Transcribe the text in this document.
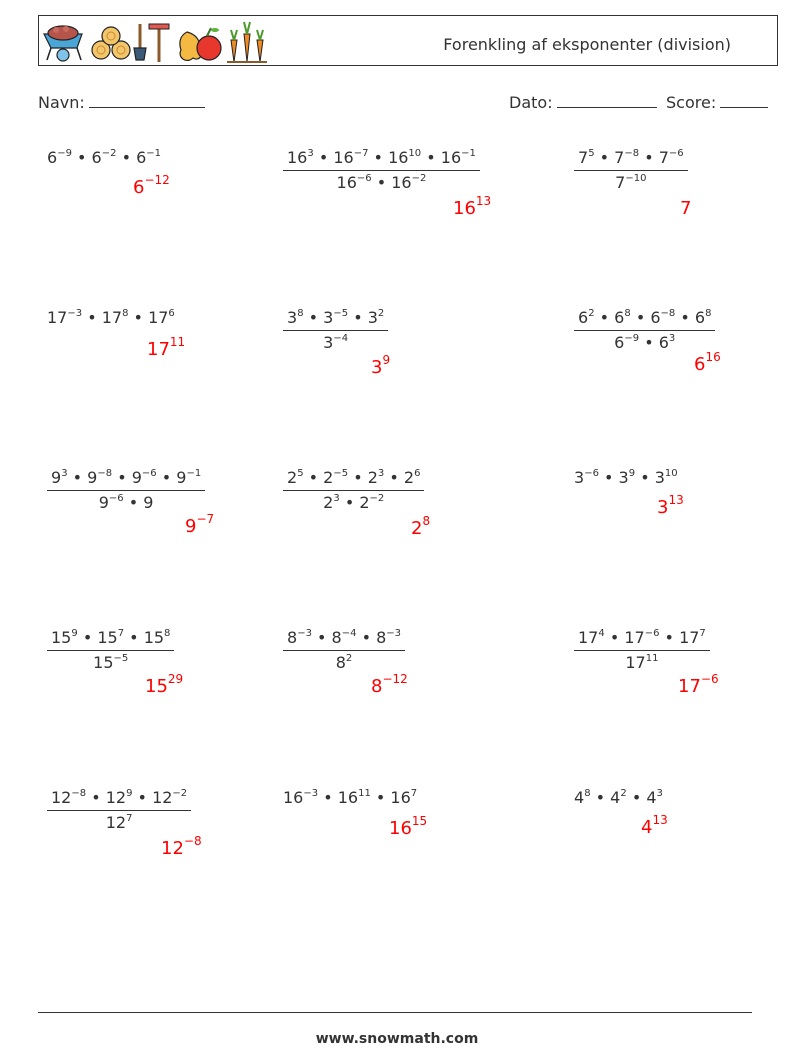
Forenkling af eksponenter (division)
Navn:	Dato:	Score:
$6^{-9}$ • $6^{-2}$ • $6^{-1}$
$6^{-12}$	$\frac{16^3 • 16^{-7} • 16^{10} • 16^{-1}}{16^{-6} • 16^{-2}}$
$16^{13}$
$\frac{7^5 • 7^{-8} • 7^{-6}}{7^{-10}}$
7
$17^{-3}$ • $17^8$ • $17^6$
$17^{11}$	$\frac{3^8 • 3^{-5} • 3^2}{3^{-4}}$
$3^9$
$\frac{6^2 • 6^8 • 6^{-8} • 6^8}{6^{-9} • 6^3}$
$6^{16}$
$\frac{9^3 • 9^{-8} • 9^{-6} • 9^{-1}}{9^{-6} • 9}$
$9^{-7}$
$\frac{2^5 • 2^{-5} • 2^3 • 2^6}{2^3 • 2^{-2}}$
$2^8$
$3^{-6}$ • $3^9$ • $3^{10}$
$3^{13}$
$\frac{15^9 • 15^7 • 15^8}{15^{-5}}$
$15^{29}$
$\frac{8^{-3} • 8^{-4} • 8^{-3}}{8^2}$
$8^{-12}$
$\frac{17^4 • 17^{-6} • 17^7}{17^{11}}$
$17^{-6}$
$\frac{12^{-8} • 12^9 • 12^{-2}}{12^7}$
$12^{-8}$
$16^{-3}$ • $16^{11}$ • $16^7$
$16^{15}$
$4^8$ • $4^2$ • $4^3$
$4^{13}$
www.snowmath.com
